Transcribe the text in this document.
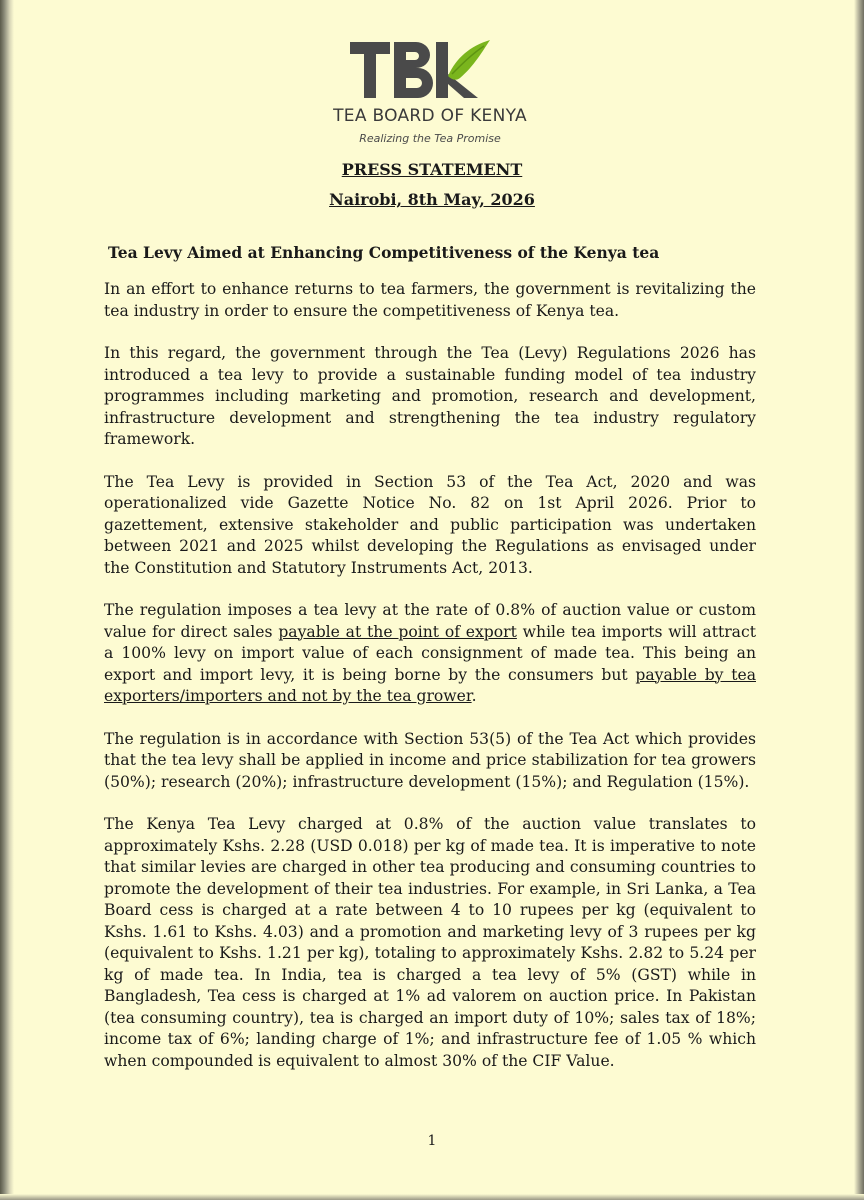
TEA BOARD OF KENYA
Realizing the Tea Promise
PRESS STATEMENT
Nairobi, 8th May, 2026
Tea Levy Aimed at Enhancing Competitiveness of the Kenya tea

In an effort to enhance returns to tea farmers, the government is revitalizing the tea industry in order to ensure the competitiveness of Kenya tea.

In this regard, the government through the Tea (Levy) Regulations 2026 has introduced a tea levy to provide a sustainable funding model of tea industry programmes including marketing and promotion, research and development, infrastructure development and strengthening the tea industry regulatory framework.

The Tea Levy is provided in Section 53 of the Tea Act, 2020 and was operationalized vide Gazette Notice No. 82 on 1st April 2026. Prior to gazettement, extensive stakeholder and public participation was undertaken between 2021 and 2025 whilst developing the Regulations as envisaged under the Constitution and Statutory Instruments Act, 2013.

The regulation imposes a tea levy at the rate of 0.8% of auction value or custom value for direct sales payable at the point of export while tea imports will attract a 100% levy on import value of each consignment of made tea. This being an export and import levy, it is being borne by the consumers but payable by tea exporters/importers and not by the tea grower.

The regulation is in accordance with Section 53(5) of the Tea Act which provides that the tea levy shall be applied in income and price stabilization for tea growers (50%); research (20%); infrastructure development (15%); and Regulation (15%).

The Kenya Tea Levy charged at 0.8% of the auction value translates to approximately Kshs. 2.28 (USD 0.018) per kg of made tea. It is imperative to note that similar levies are charged in other tea producing and consuming countries to promote the development of their tea industries. For example, in Sri Lanka, a Tea Board cess is charged at a rate between 4 to 10 rupees per kg (equivalent to Kshs. 1.61 to Kshs. 4.03) and a promotion and marketing levy of 3 rupees per kg (equivalent to Kshs. 1.21 per kg), totaling to approximately Kshs. 2.82 to 5.24 per kg of made tea. In India, tea is charged a tea levy of 5% (GST) while in Bangladesh, Tea cess is charged at 1% ad valorem on auction price. In Pakistan (tea consuming country), tea is charged an import duty of 10%; sales tax of 18%; income tax of 6%; landing charge of 1%; and infrastructure fee of 1.05 % which when compounded is equivalent to almost 30% of the CIF Value.

1
